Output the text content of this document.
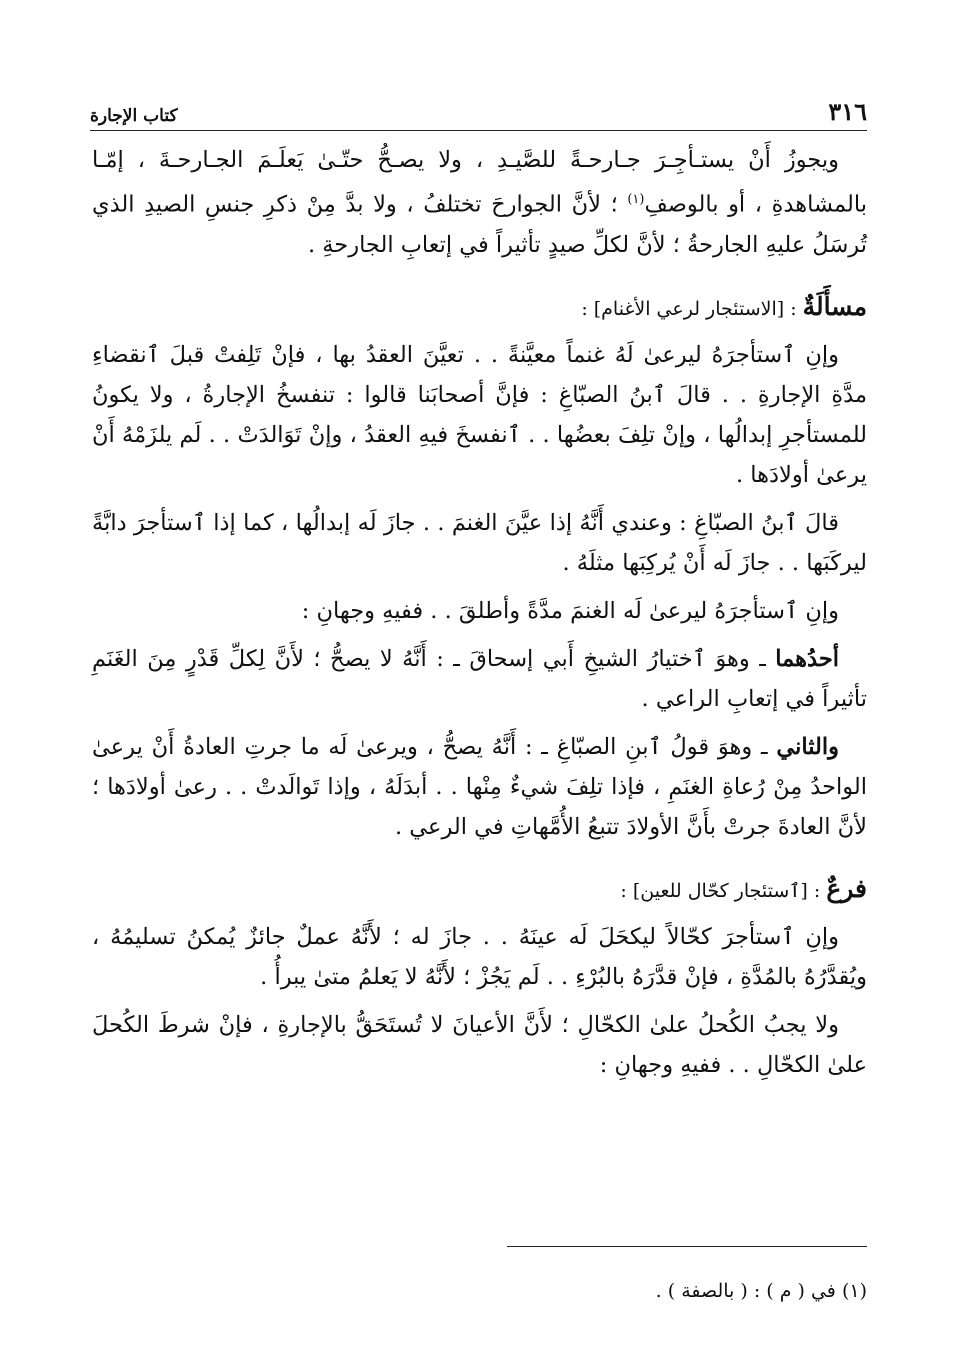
كتاب الإجارة	٣١٦

ويجوزُ أَنْ يستـأجِـرَ جـارحـةً للصَّيـدِ ، ولا يصـحُّ حتّـىٰ يَعلَـمَ الجـارحـةَ ، إمّـا بالمشاهدةِ ، أو بالوصفِ$^{(١)}$ ؛ لأنَّ الجوارحَ تختلفُ ، ولا بدَّ مِنْ ذكرِ جنسِ الصيدِ الذي تُرسَلُ عليهِ الجارحةُ ؛ لأنَّ لكلِّ صيدٍ تأثيراً في إتعابِ الجارحةِ .

مسأَلَةٌ : [الاستئجار لرعي الأغنام] :

وإنِ ٱستأجرَهُ ليرعىٰ لَهُ غنماً معيَّنةً . . تعيَّنَ العقدُ بها ، فإنْ تَلِفتْ قبلَ ٱنقضاءِ مدَّةِ الإجارةِ . . قالَ ٱبنُ الصبّاغِ : فإنَّ أصحابَنا قالوا : تنفسخُ الإجارةُ ، ولا يكونُ للمستأجرِ إبدالُها ، وإنْ تلِفَ بعضُها . . ٱنفسخَ فيهِ العقدُ ، وإنْ تَوَالدَتْ . . لَم يلزَمْهُ أَنْ يرعىٰ أولادَها .

قالَ ٱبنُ الصبّاغِ : وعندي أَنَّهُ إذا عيَّنَ الغنمَ . . جازَ لَه إبدالُها ، كما إذا ٱستأجرَ دابَّةً ليركَبَها . . جازَ لَه أَنْ يُركِبَها مثلَهُ .

وإنِ ٱستأجرَهُ ليرعىٰ لَه الغنمَ مدَّةً وأطلقَ . . ففيهِ وجهانِ :

أحدُهما ـ وهوَ ٱختيارُ الشيخِ أَبي إسحاقَ ـ : أَنَّهُ لا يصحُّ ؛ لأَنَّ لِكلِّ قَدْرٍ مِنَ الغَنَمِ تأثيراً في إتعابِ الراعي .

والثاني ـ وهوَ قولُ ٱبنِ الصبّاغِ ـ : أَنَّهُ يصحُّ ، ويرعىٰ لَه ما جرتِ العادةُ أَنْ يرعىٰ الواحدُ مِنْ رُعاةِ الغنَمِ ، فإذا تلِفَ شيءٌ مِنْها . . أبدَلَهُ ، وإذا تَوالَدتْ . . رعىٰ أولادَها ؛ لأنَّ العادةَ جرتْ بأَنَّ الأولادَ تتبعُ الأُمَّهاتِ في الرعي .

فرعٌ : [ٱستئجار كحّال للعين] :

وإنِ ٱستأجرَ كحّالاً ليكحَلَ لَه عينَهُ . . جازَ له ؛ لأَنَّهُ عملٌ جائزٌ يُمكنُ تسليمُهُ ، ويُقدَّرُهُ بالمُدَّةِ ، فإنْ قدَّرَهُ بالبُرْءِ . . لَم يَجُزْ ؛ لأَنَّهُ لا يَعلمُ متىٰ يبرأُ .

ولا يجبُ الكُحلُ علىٰ الكحّالِ ؛ لأَنَّ الأعيانَ لا تُستَحَقُّ بالإجارةِ ، فإنْ شرطَ الكُحلَ علىٰ الكحّالِ . . ففيهِ وجهانِ :

(١) في ( م ) : ( بالصفة ) .
